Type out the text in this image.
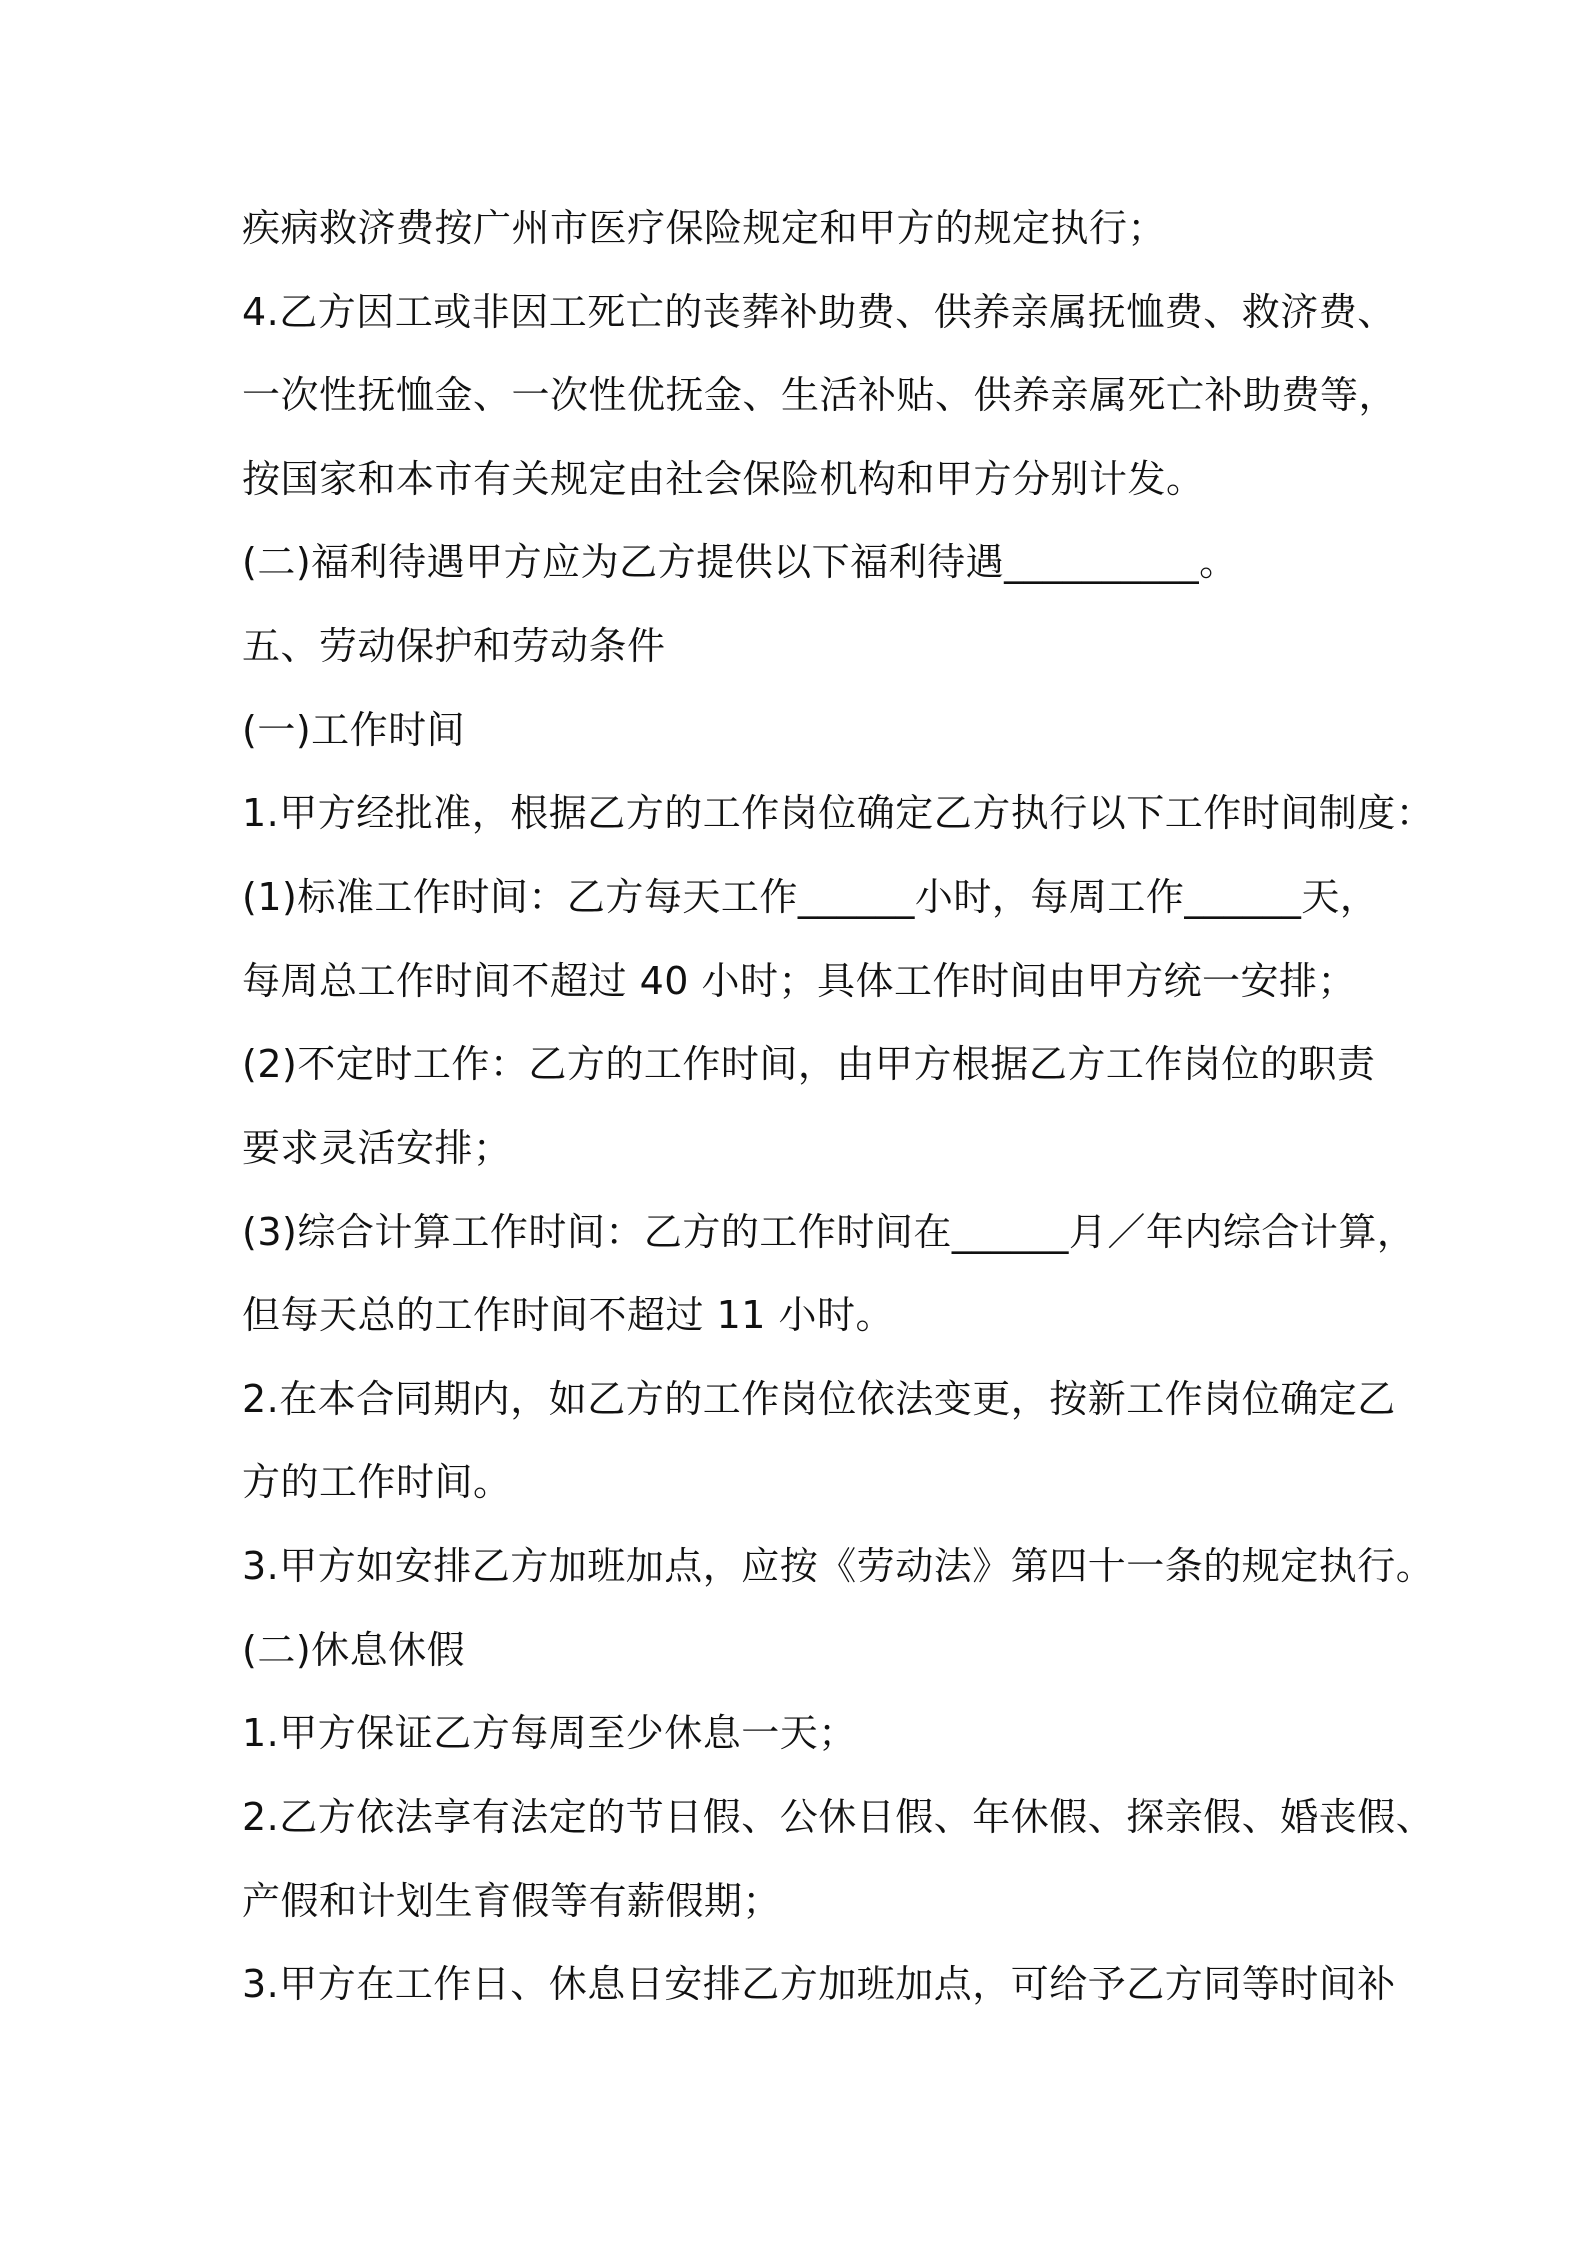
疾病救济费按广州市医疗保险规定和甲方的规定执行；
4.乙方因工或非因工死亡的丧葬补助费、供养亲属抚恤费、救济费、
一次性抚恤金、一次性优抚金、生活补贴、供养亲属死亡补助费等，
按国家和本市有关规定由社会保险机构和甲方分别计发。
(二)福利待遇甲方应为乙方提供以下福利待遇__________。
五、劳动保护和劳动条件
(一)工作时间
1.甲方经批准，根据乙方的工作岗位确定乙方执行以下工作时间制度：
(1)标准工作时间：乙方每天工作______小时，每周工作______天，
每周总工作时间不超过 40 小时；具体工作时间由甲方统一安排；
(2)不定时工作：乙方的工作时间，由甲方根据乙方工作岗位的职责
要求灵活安排；
(3)综合计算工作时间：乙方的工作时间在______月／年内综合计算，
但每天总的工作时间不超过 11 小时。
2.在本合同期内，如乙方的工作岗位依法变更，按新工作岗位确定乙
方的工作时间。
3.甲方如安排乙方加班加点，应按《劳动法》第四十一条的规定执行。
(二)休息休假
1.甲方保证乙方每周至少休息一天；
2.乙方依法享有法定的节日假、公休日假、年休假、探亲假、婚丧假、
产假和计划生育假等有薪假期；
3.甲方在工作日、休息日安排乙方加班加点，可给予乙方同等时间补
